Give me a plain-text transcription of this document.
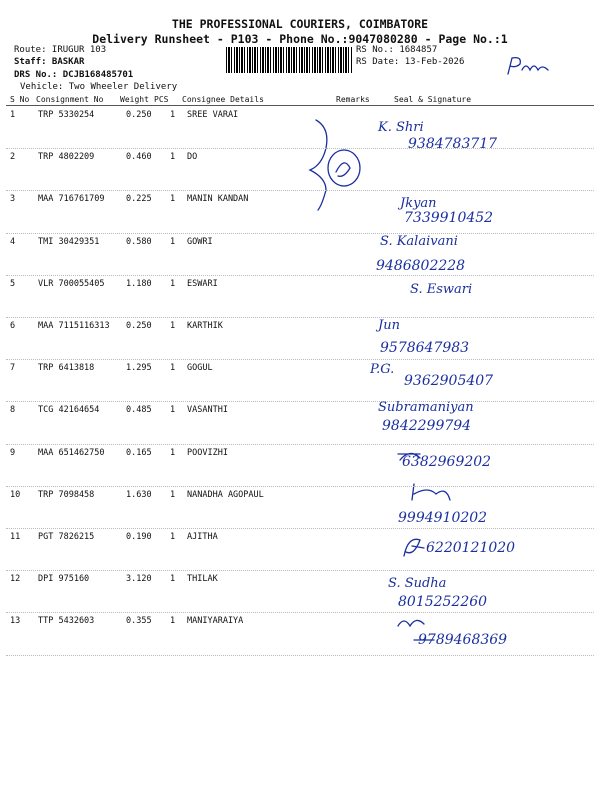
THE PROFESSIONAL COURIERS, COIMBATORE
Delivery Runsheet - P103 - Phone No.:9047080280 - Page No.:1
Route: IRUGUR 103
Staff: BASKAR
DRS No.: DCJB168485701
Vehicle: Two Wheeler Delivery
RS No.: 1684857
RS Date: 13-Feb-2026
S No Consignment No Weight PCS Consignee Details	Remarks	Seal & Signature
1	TRP 5330254	0.250 1 SREE VARAI
K. Shri
9384783717
2	TRP 4802209	0.460 1 DO
3	MAA 716761709	0.225 1 MANIN KANDAN	Jkyan
7339910452
4	TMI 30429351	0.580 1 GOWRI	S. Kalaivani
9486802228
5	VLR 700055405	1.180 1 ESWARI	S. Eswari
6	MAA 7115116313 0.250 1 KARTHIK	Jun
9578647983
7	TRP 6413818	1.295 1 GOGUL	P.G.
9362905407
8	TCG 42164654	0.485 1 VASANTHI	Subramaniyan
9842299794
9	MAA 651462750	0.165 1 POOVIZHI
6382969202
10 TRP 7098458	1.630 1 NANADHA AGOPAUL
9994910202
11 PGT 7826215	0.190 1 AJITHA
6220121020
12 DPI 975160	3.120 1 THILAK	S. Sudha
8015252260
13 TTP 5432603	0.355 1 MANIYARAIYA
9789468369
